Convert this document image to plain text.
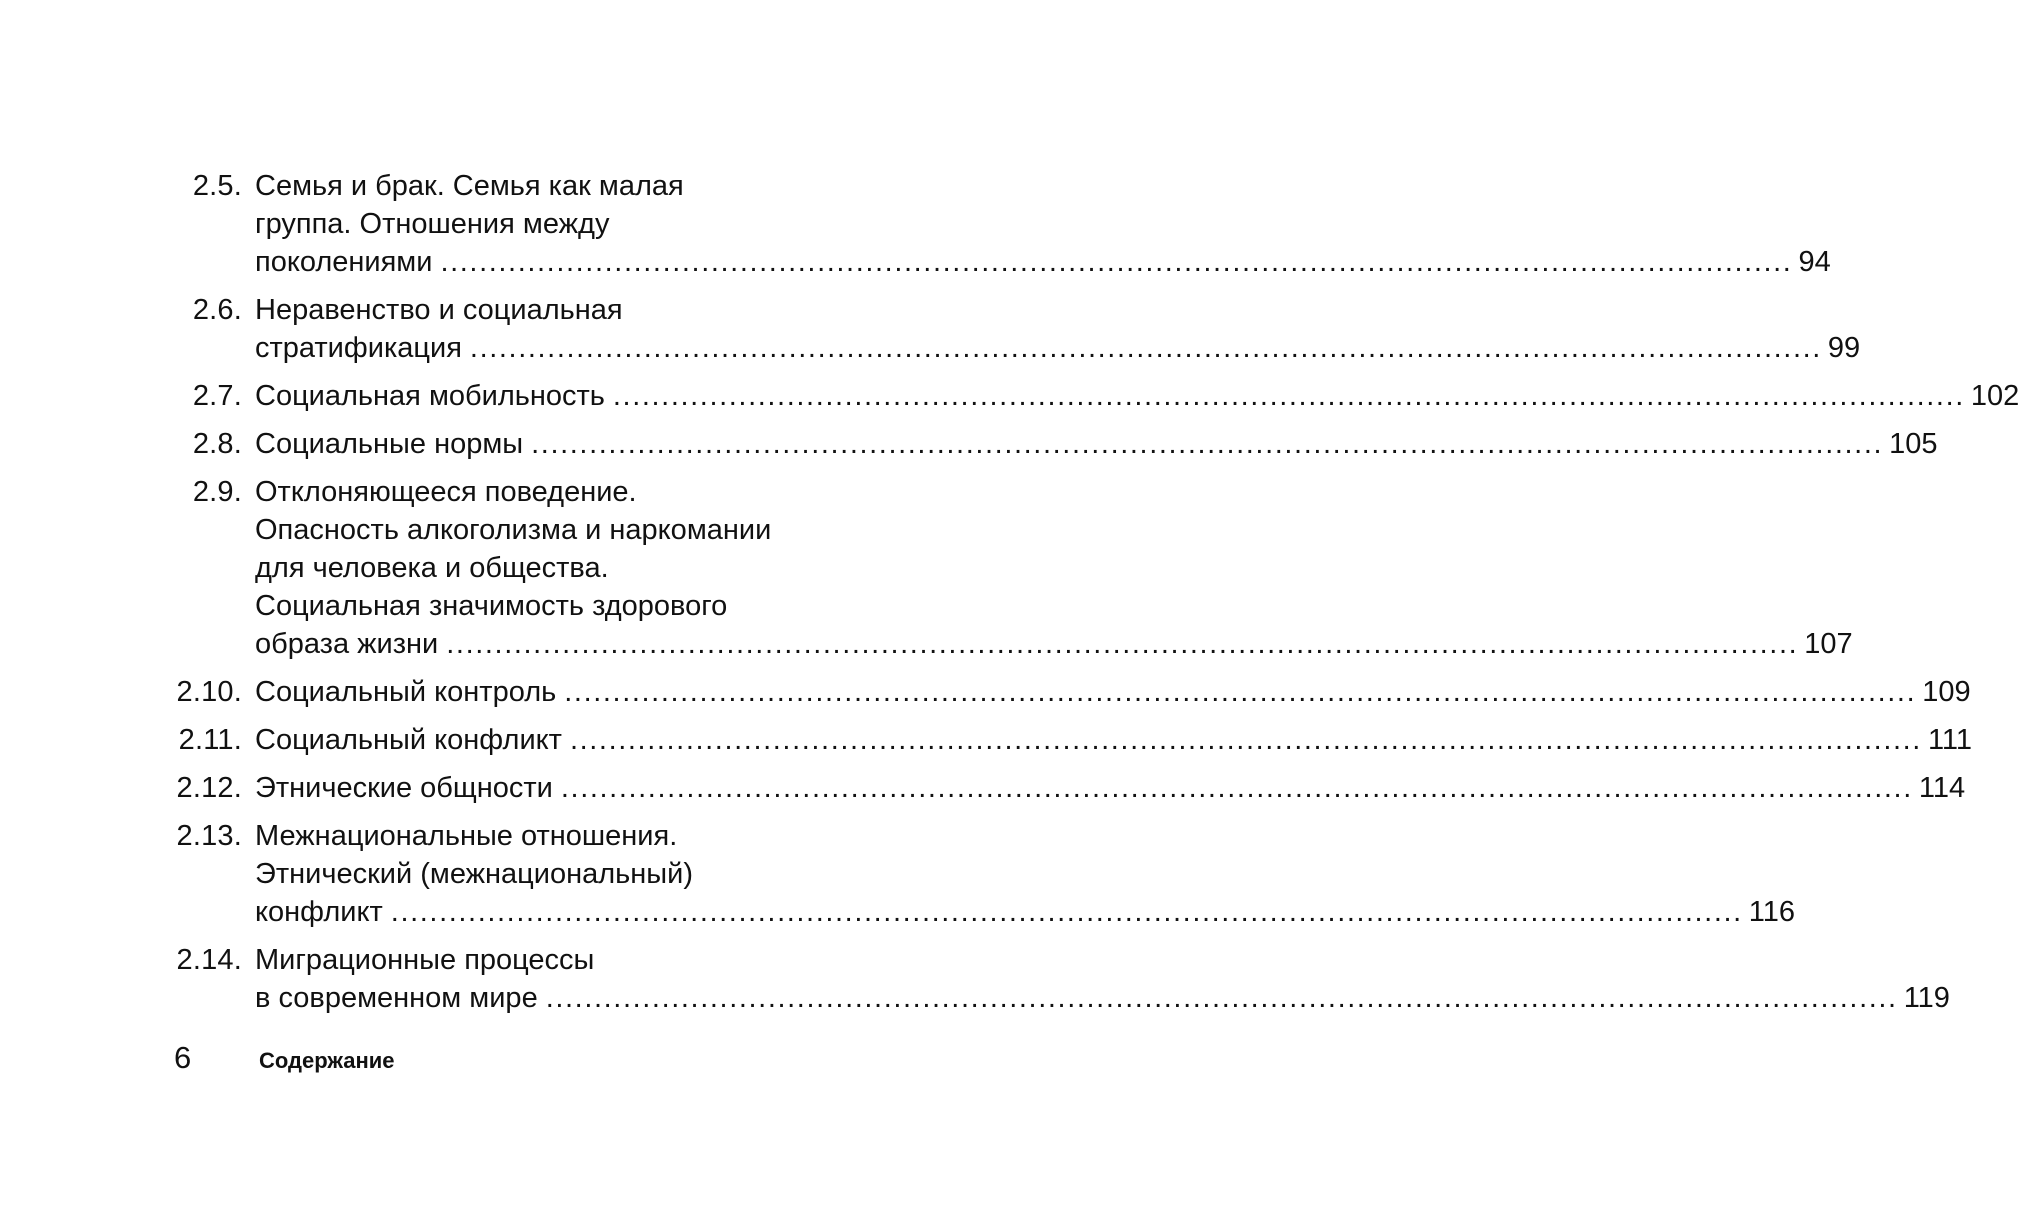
2.5. Семья и брак. Семья как малая
группа. Отношения между
поколениями .....	94
2.6. Неравенство и социальная
стратификация .....	99
2.7. Социальная мобильность .....	102
2.8. Социальные нормы .....	105
2.9. Отклоняющееся поведение.
Опасность алкоголизма и наркомании
для человека и общества.
Социальная значимость здорового
образа жизни .....	107
2.10. Социальный контроль .....	109
2.11. Социальный конфликт .....	111
2.12. Этнические общности .....	114
2.13. Межнациональные отношения.
Этнический (межнациональный)
конфликт .....	116
2.14. Миграционные процессы
в современном мире .....	119
6	Содержание
